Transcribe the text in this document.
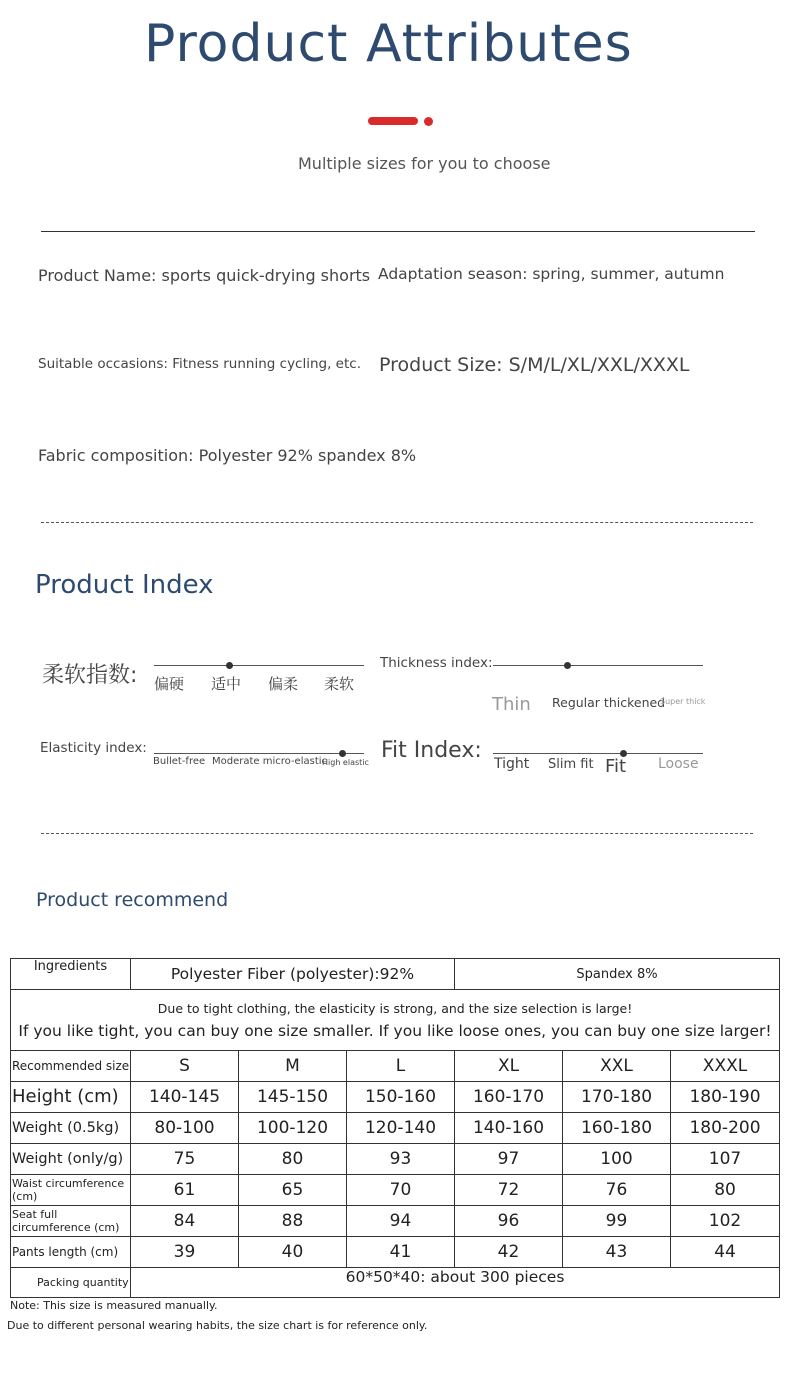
Product Attributes
Multiple sizes for you to choose
Product Name: sports quick-drying shorts Adaptation season: spring, summer, autumn
Suitable occasions: Fitness running cycling, etc. Product Size: S/M/L/XL/XXL/XXXL
Fabric composition: Polyester 92% spandex 8%
Product Index
柔软指数: 偏硬 适中 偏柔 柔软
Thickness index:
Thin Regular thickened
Super thick
Elasticity index:
Bullet-free Moderate micro-elastic
High elastic Fit Index:
Tight Slim fit Fit Loose
Product recommend
Ingredients	Polyester Fiber (polyester):92%			Spandex 8%		

Due to tight clothing, the elasticity is strong, and the size selection is large!
If you like tight, you can buy one size smaller. If you like loose ones, you can buy one size larger!						

Recommended size	S	M	L	XL	XXL	XXXL
Height (cm)	140-145	145-150	150-160	160-170	170-180	180-190
Weight (0.5kg)	80-100	100-120	120-140	140-160	160-180	180-200
Weight (only/g)	75	80	93	97	100	107
Waist circumference (cm)	61	65	70	72	76	80
Seat full circumference (cm)	84	88	94	96	99	102
Pants length (cm)	39	40	41	42	43	44
Packing quantity	60*50*40: about 300 pieces					
Note: This size is measured manually.
Due to different personal wearing habits, the size chart is for reference only.
